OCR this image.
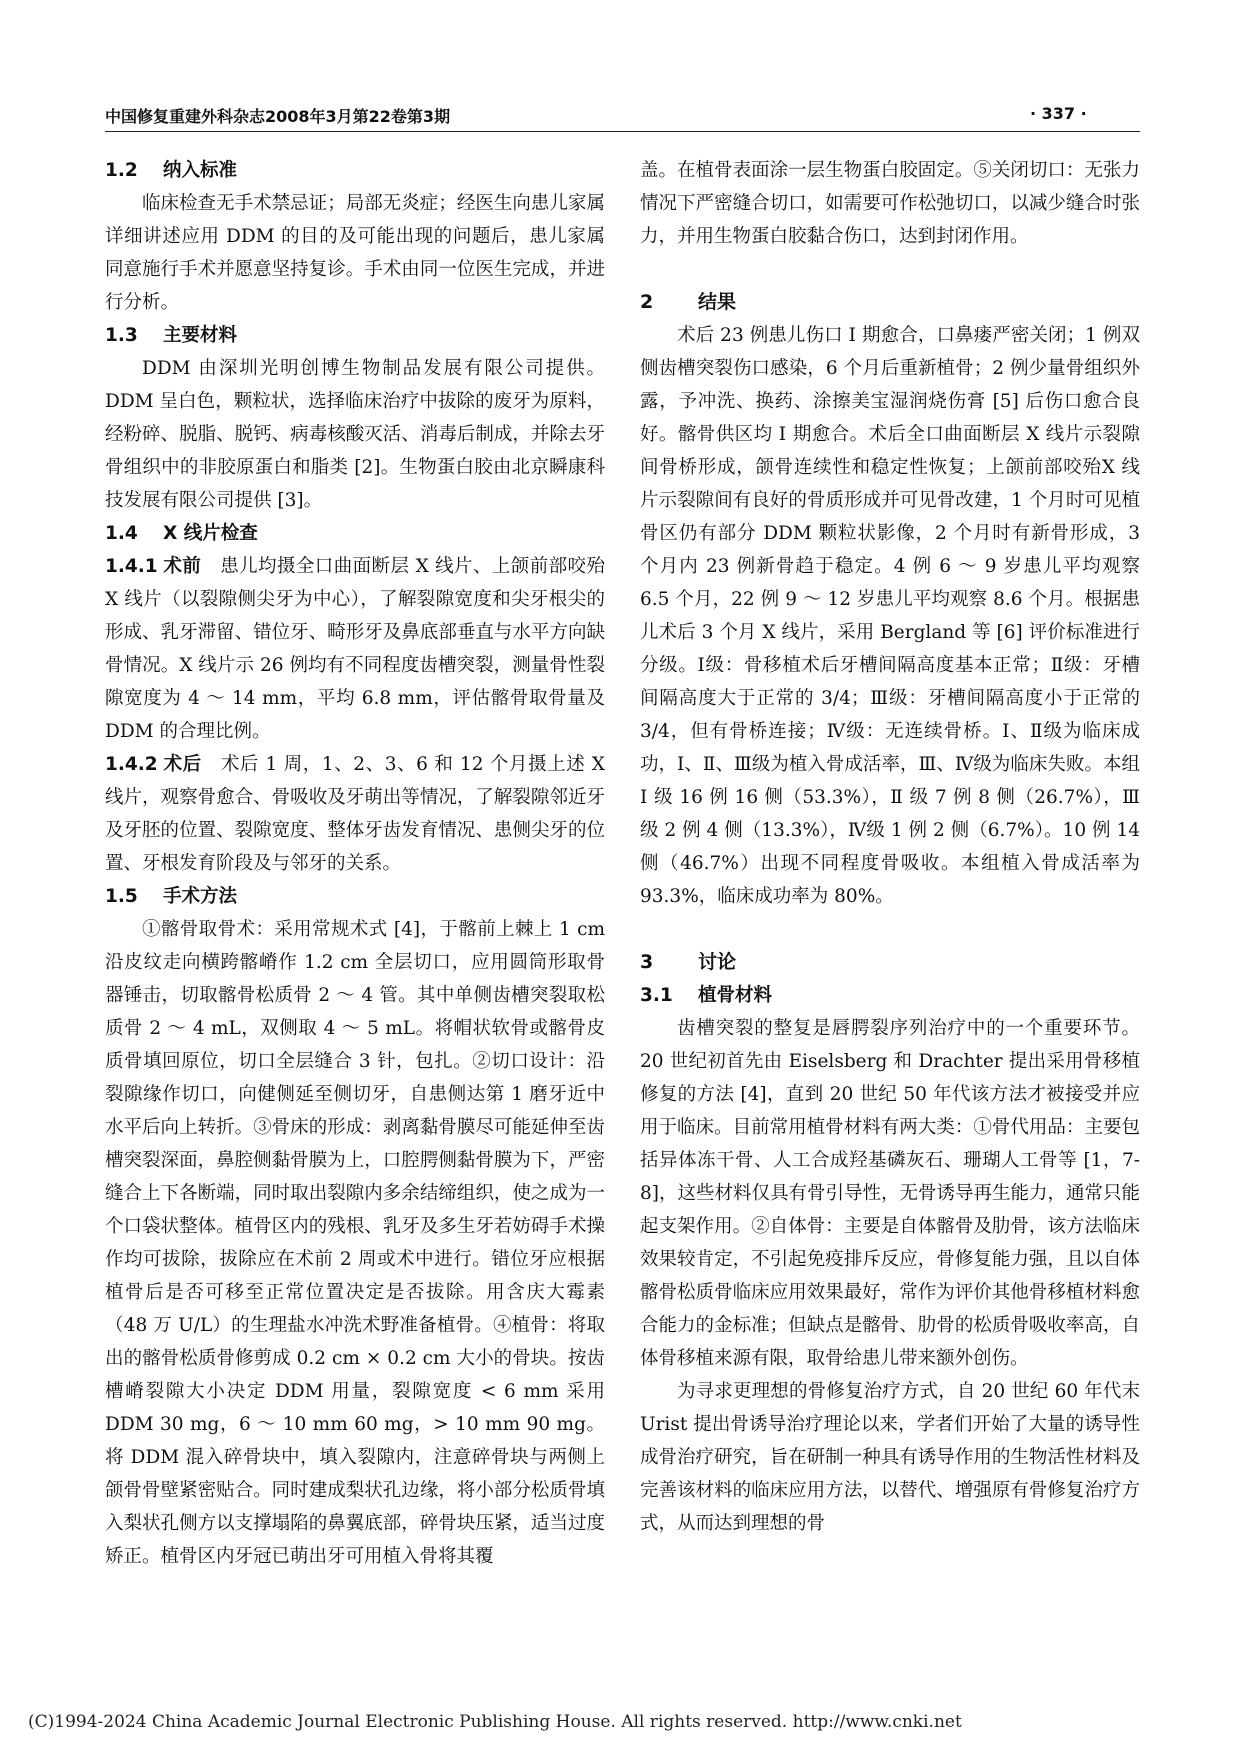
中国修复重建外科杂志2008年3月第22卷第3期	· 337 ·
1.2 纳入标准

临床检查无手术禁忌证；局部无炎症；经医生向患儿家属详细讲述应用 DDM 的目的及可能出现的问题后，患儿家属同意施行手术并愿意坚持复诊。手术由同一位医生完成，并进行分析。

1.3 主要材料

DDM 由深圳光明创博生物制品发展有限公司提供。DDM 呈白色，颗粒状，选择临床治疗中拔除的废牙为原料，经粉碎、脱脂、脱钙、病毒核酸灭活、消毒后制成，并除去牙骨组织中的非胶原蛋白和脂类 [2]。生物蛋白胶由北京瞬康科技发展有限公司提供 [3]。

1.4 X 线片检查

1.4.1 术前　 患儿均摄全口曲面断层 X 线片、上颌前部咬殆 X 线片（以裂隙侧尖牙为中心），了解裂隙宽度和尖牙根尖的形成、乳牙滞留、错位牙、畸形牙及鼻底部垂直与水平方向缺骨情况。X 线片示 26 例均有不同程度齿槽突裂，测量骨性裂隙宽度为 4 ～ 14 mm，平均 6.8 mm，评估髂骨取骨量及 DDM 的合理比例。

1.4.2 术后　 术后 1 周，1、2、3、6 和 12 个月摄上述 X 线片，观察骨愈合、骨吸收及牙萌出等情况，了解裂隙邻近牙及牙胚的位置、裂隙宽度、整体牙齿发育情况、患侧尖牙的位置、牙根发育阶段及与邻牙的关系。

1.5 手术方法

①髂骨取骨术：采用常规术式 [4]，于髂前上棘上 1 cm 沿皮纹走向横跨髂嵴作 1.2 cm 全层切口，应用圆筒形取骨器锤击，切取髂骨松质骨 2 ～ 4 管。其中单侧齿槽突裂取松质骨 2 ～ 4 mL，双侧取 4 ～ 5 mL。将帽状软骨或髂骨皮质骨填回原位，切口全层缝合 3 针，包扎。②切口设计：沿裂隙缘作切口，向健侧延至侧切牙，自患侧达第 1 磨牙近中水平后向上转折。③骨床的形成：剥离黏骨膜尽可能延伸至齿槽突裂深面，鼻腔侧黏骨膜为上，口腔腭侧黏骨膜为下，严密缝合上下各断端，同时取出裂隙内多余结缔组织，使之成为一个口袋状整体。植骨区内的残根、乳牙及多生牙若妨碍手术操作均可拔除，拔除应在术前 2 周或术中进行。错位牙应根据植骨后是否可移至正常位置决定是否拔除。用含庆大霉素（48 万 U/L）的生理盐水冲洗术野准备植骨。④植骨：将取出的髂骨松质骨修剪成 0.2 cm × 0.2 cm 大小的骨块。按齿槽嵴裂隙大小决定 DDM 用量，裂隙宽度 < 6 mm 采用 DDM 30 mg，6 ～ 10 mm 60 mg，> 10 mm 90 mg。将 DDM 混入碎骨块中，填入裂隙内，注意碎骨块与两侧上颌骨骨壁紧密贴合。同时建成梨状孔边缘，将小部分松质骨填入梨状孔侧方以支撑塌陷的鼻翼底部，碎骨块压紧，适当过度矫正。植骨区内牙冠已萌出牙可用植入骨将其覆

盖。在植骨表面涂一层生物蛋白胶固定。⑤关闭切口：无张力情况下严密缝合切口，如需要可作松弛切口，以减少缝合时张力，并用生物蛋白胶黏合伤口，达到封闭作用。

2 结果

术后 23 例患儿伤口 Ⅰ 期愈合，口鼻瘘严密关闭；1 例双侧齿槽突裂伤口感染，6 个月后重新植骨；2 例少量骨组织外露，予冲洗、换药、涂擦美宝湿润烧伤膏 [5] 后伤口愈合良好。髂骨供区均 Ⅰ 期愈合。术后全口曲面断层 X 线片示裂隙间骨桥形成，颌骨连续性和稳定性恢复；上颌前部咬殆X 线片示裂隙间有良好的骨质形成并可见骨改建，1 个月时可见植骨区仍有部分 DDM 颗粒状影像，2 个月时有新骨形成，3 个月内 23 例新骨趋于稳定。4 例 6 ～ 9 岁患儿平均观察 6.5 个月，22 例 9 ～ 12 岁患儿平均观察 8.6 个月。根据患儿术后 3 个月 X 线片，采用 Bergland 等 [6] 评价标准进行分级。Ⅰ级：骨移植术后牙槽间隔高度基本正常；Ⅱ级：牙槽间隔高度大于正常的 3/4；Ⅲ级：牙槽间隔高度小于正常的 3/4，但有骨桥连接；Ⅳ级：无连续骨桥。Ⅰ、Ⅱ级为临床成功，Ⅰ、Ⅱ、Ⅲ级为植入骨成活率，Ⅲ、Ⅳ级为临床失败。本组 Ⅰ 级 16 例 16 侧（53.3%），Ⅱ 级 7 例 8 侧（26.7%），Ⅲ级 2 例 4 侧（13.3%），Ⅳ级 1 例 2 侧（6.7%）。10 例 14 侧（46.7%）出现不同程度骨吸收。本组植入骨成活率为 93.3%，临床成功率为 80%。

3 讨论
3.1 植骨材料

齿槽突裂的整复是唇腭裂序列治疗中的一个重要环节。20 世纪初首先由 Eiselsberg 和 Drachter 提出采用骨移植修复的方法 [4]，直到 20 世纪 50 年代该方法才被接受并应用于临床。目前常用植骨材料有两大类：①骨代用品：主要包括异体冻干骨、人工合成羟基磷灰石、珊瑚人工骨等 [1，7-8]，这些材料仅具有骨引导性，无骨诱导再生能力，通常只能起支架作用。②自体骨：主要是自体髂骨及肋骨，该方法临床效果较肯定，不引起免疫排斥反应，骨修复能力强，且以自体髂骨松质骨临床应用效果最好，常作为评价其他骨移植材料愈合能力的金标准；但缺点是髂骨、肋骨的松质骨吸收率高，自体骨移植来源有限，取骨给患儿带来额外创伤。

为寻求更理想的骨修复治疗方式，自 20 世纪 60 年代末 Urist 提出骨诱导治疗理论以来，学者们开始了大量的诱导性成骨治疗研究，旨在研制一种具有诱导作用的生物活性材料及完善该材料的临床应用方法，以替代、增强原有骨修复治疗方式，从而达到理想的骨

(C)1994-2024 China Academic Journal Electronic Publishing House. All rights reserved. http://www.cnki.net
